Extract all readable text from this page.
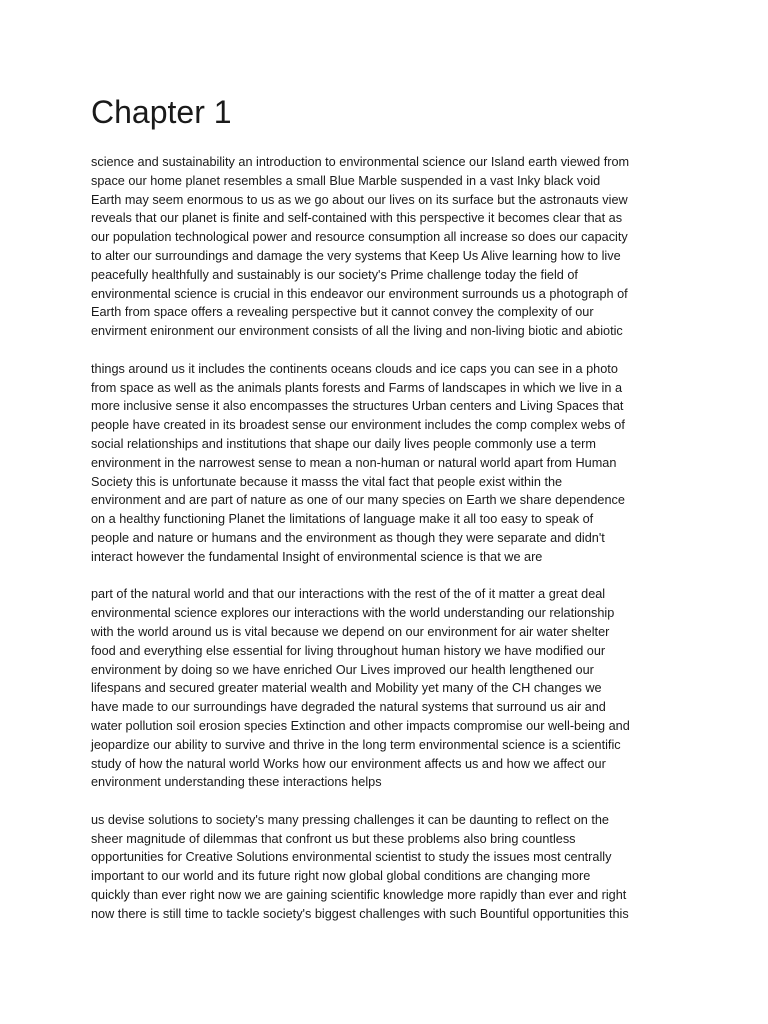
Chapter 1

science and sustainability an introduction to environmental science our Island earth viewed from
space our home planet resembles a small Blue Marble suspended in a vast Inky black void
Earth may seem enormous to us as we go about our lives on its surface but the astronauts view
reveals that our planet is finite and self-contained with this perspective it becomes clear that as
our population technological power and resource consumption all increase so does our capacity
to alter our surroundings and damage the very systems that Keep Us Alive learning how to live
peacefully healthfully and sustainably is our society's Prime challenge today the field of
environmental science is crucial in this endeavor our environment surrounds us a photograph of
Earth from space offers a revealing perspective but it cannot convey the complexity of our
envirment enironment our environment consists of all the living and non-living biotic and abiotic

things around us it includes the continents oceans clouds and ice caps you can see in a photo
from space as well as the animals plants forests and Farms of landscapes in which we live in a
more inclusive sense it also encompasses the structures Urban centers and Living Spaces that
people have created in its broadest sense our environment includes the comp complex webs of
social relationships and institutions that shape our daily lives people commonly use a term
environment in the narrowest sense to mean a non-human or natural world apart from Human
Society this is unfortunate because it masss the vital fact that people exist within the
environment and are part of nature as one of our many species on Earth we share dependence
on a healthy functioning Planet the limitations of language make it all too easy to speak of
people and nature or humans and the environment as though they were separate and didn't
interact however the fundamental Insight of environmental science is that we are

part of the natural world and that our interactions with the rest of the of it matter a great deal
environmental science explores our interactions with the world understanding our relationship
with the world around us is vital because we depend on our environment for air water shelter
food and everything else essential for living throughout human history we have modified our
environment by doing so we have enriched Our Lives improved our health lengthened our
lifespans and secured greater material wealth and Mobility yet many of the CH changes we
have made to our surroundings have degraded the natural systems that surround us air and
water pollution soil erosion species Extinction and other impacts compromise our well-being and
jeopardize our ability to survive and thrive in the long term environmental science is a scientific
study of how the natural world Works how our environment affects us and how we affect our
environment understanding these interactions helps

us devise solutions to society's many pressing challenges it can be daunting to reflect on the
sheer magnitude of dilemmas that confront us but these problems also bring countless
opportunities for Creative Solutions environmental scientist to study the issues most centrally
important to our world and its future right now global global conditions are changing more
quickly than ever right now we are gaining scientific knowledge more rapidly than ever and right
now there is still time to tackle society's biggest challenges with such Bountiful opportunities this
